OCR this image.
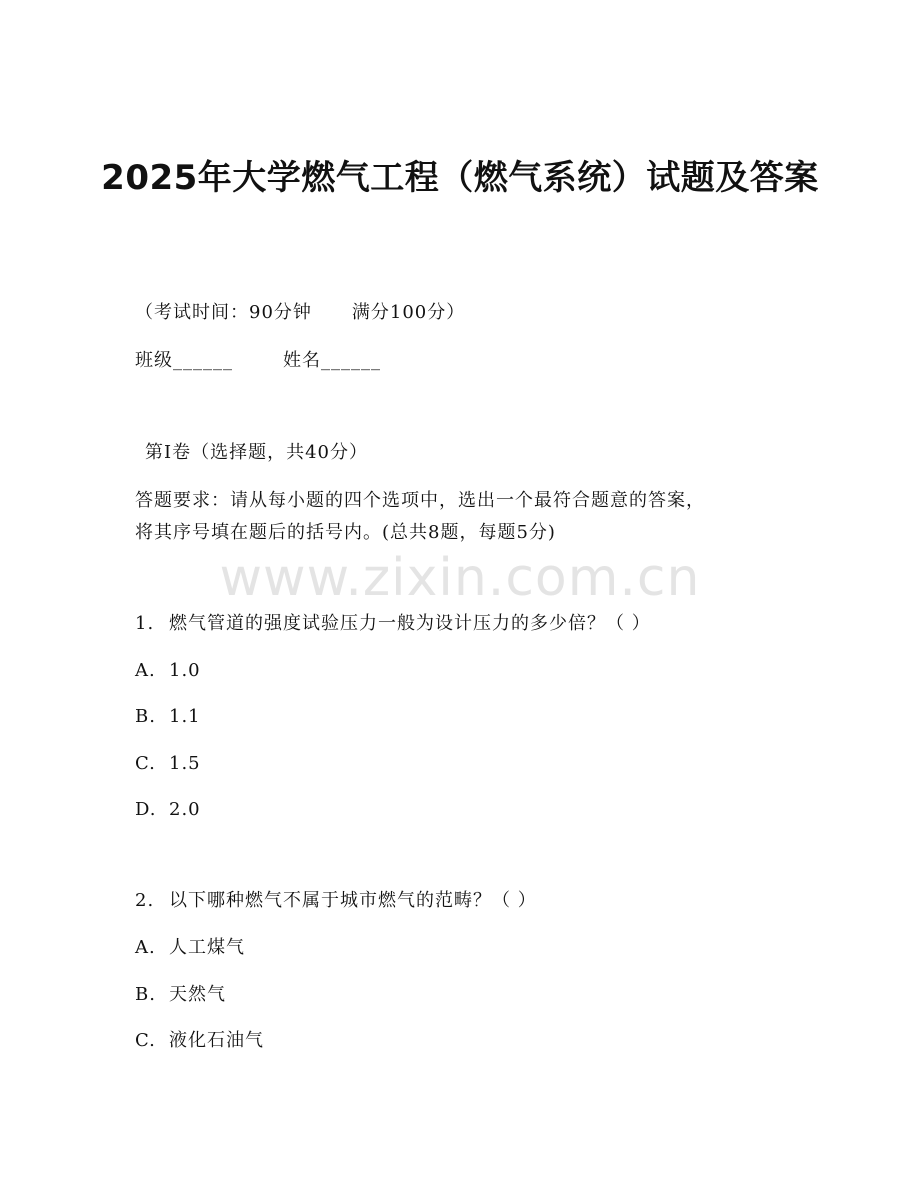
2025年大学燃气工程（燃气系统）试题及答案
（考试时间：90分钟 满分100分）
班级______	姓名______
第I卷（选择题，共40分）
答题要求：请从每小题的四个选项中，选出一个最符合题意的答案，
将其序号填在题后的括号内。(总共8题，每题5分)
www.zixin.com.cn
1. 燃气管道的强度试验压力一般为设计压力的多少倍？（ ）
A. 1.0
B. 1.1
C. 1.5
D. 2.0
2. 以下哪种燃气不属于城市燃气的范畴？（ ）
A. 人工煤气
B. 天然气
C. 液化石油气
